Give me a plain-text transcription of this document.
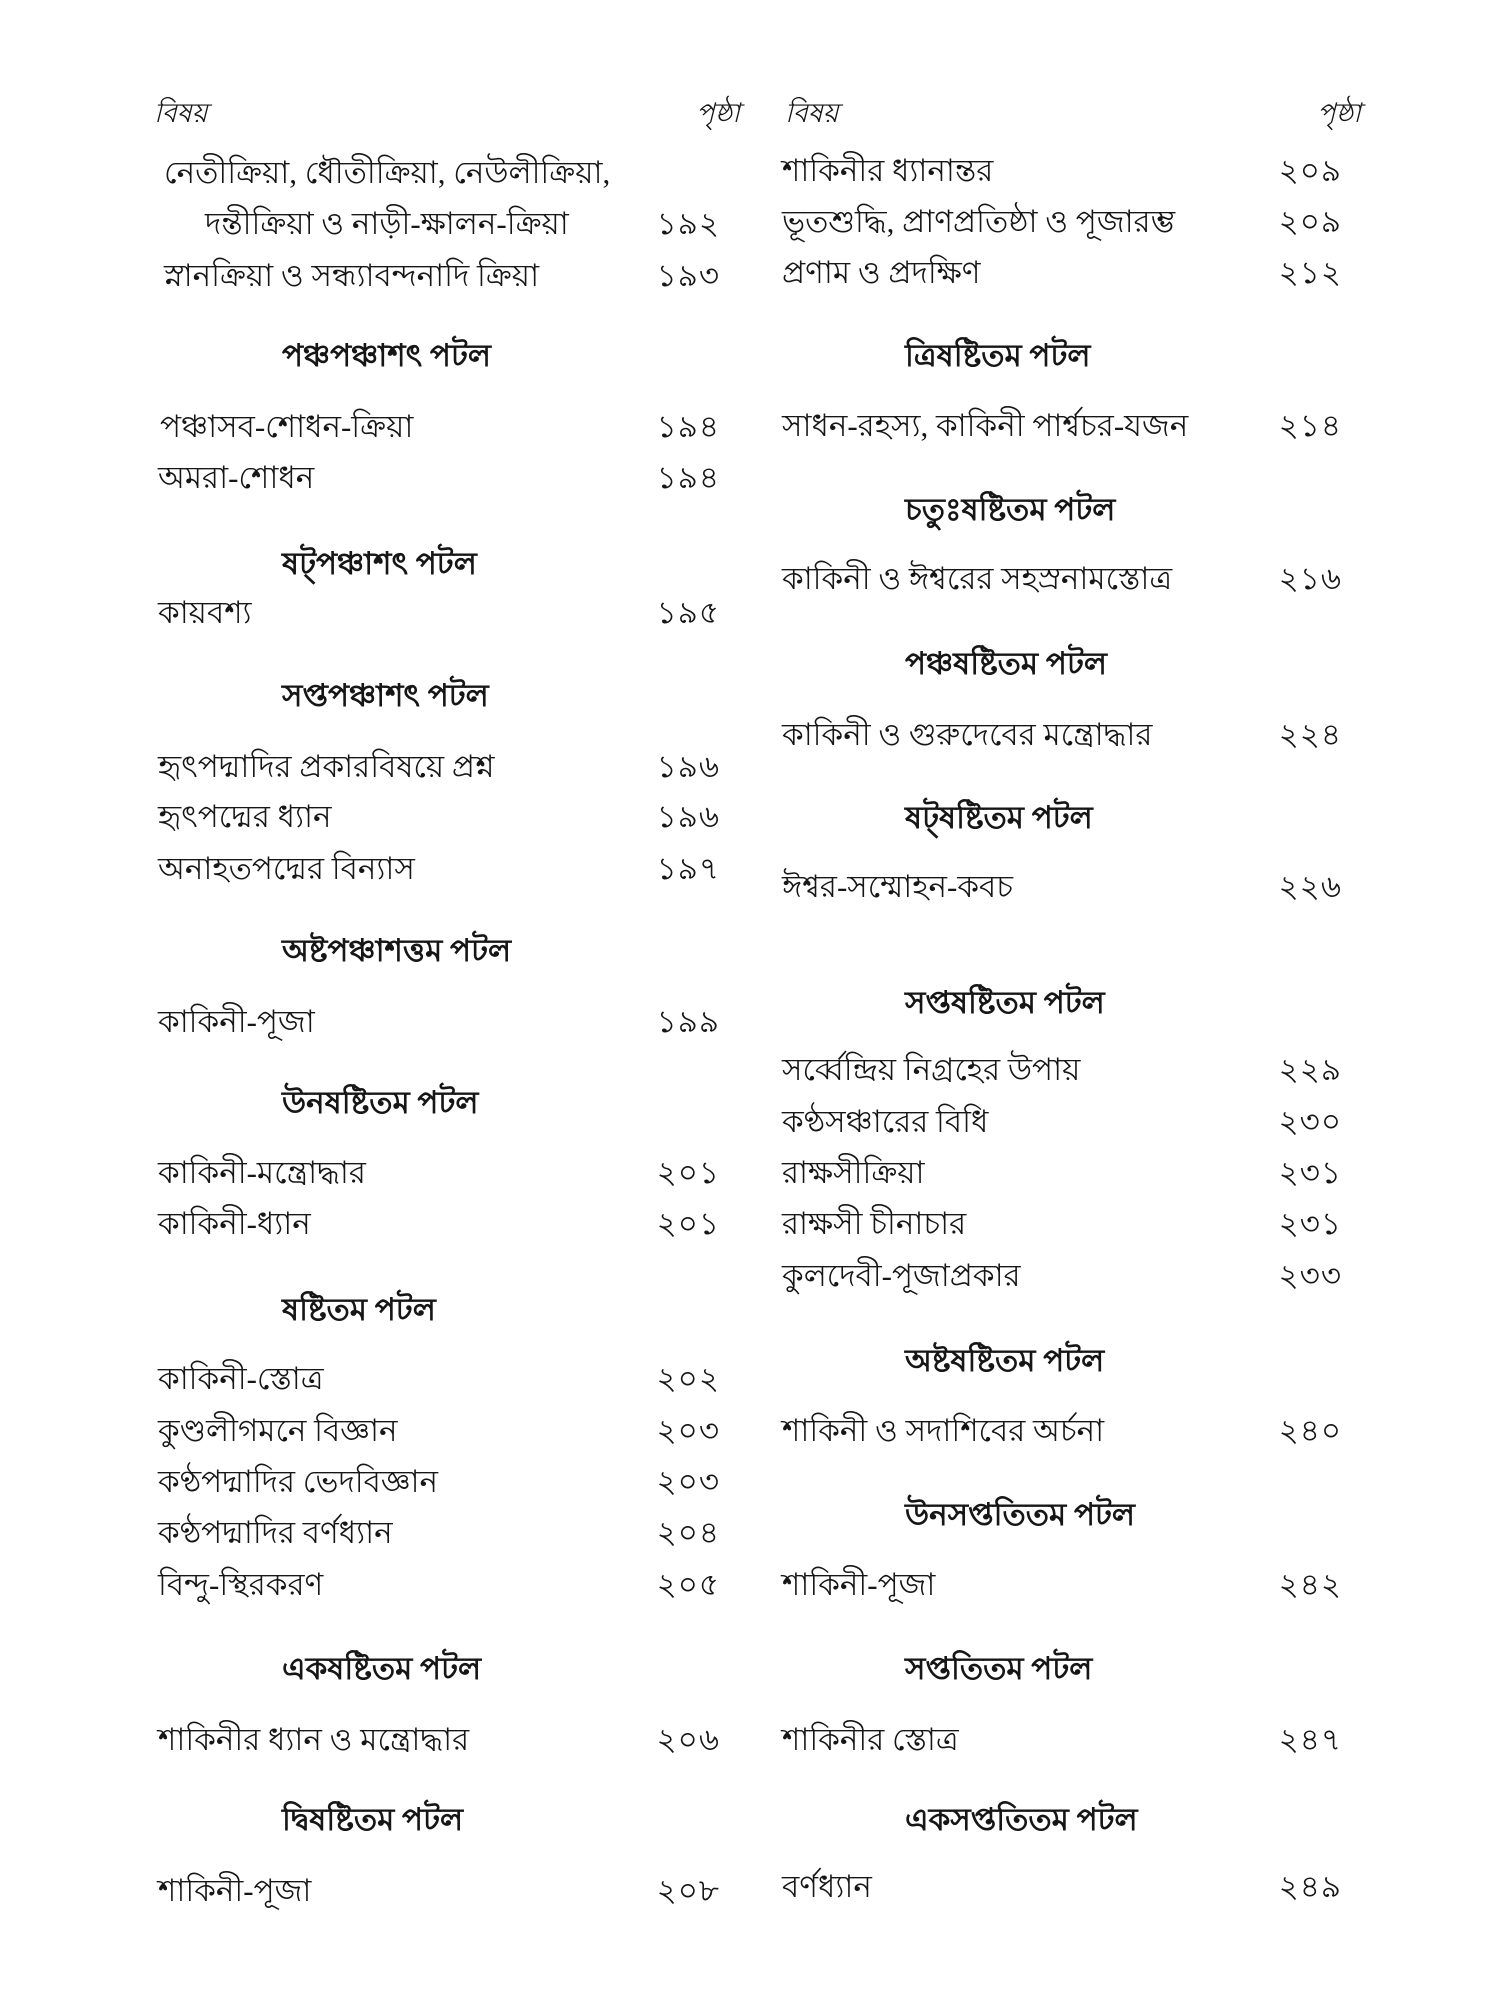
বিষয়	পৃষ্ঠা
নেতীক্রিয়া, ধৌতীক্রিয়া, নেউলীক্রিয়া,
দন্তীক্রিয়া ও নাড়ী-ক্ষালন-ক্রিয়া	১৯২
স্নানক্রিয়া ও সন্ধ্যাবন্দনাদি ক্রিয়া	১৯৩
পঞ্চপঞ্চাশৎ পটল
পঞ্চাসব-শোধন-ক্রিয়া	১৯৪
অমরা-শোধন	১৯৪
ষট্‌পঞ্চাশৎ পটল
কায়বশ্য	১৯৫
সপ্তপঞ্চাশৎ পটল
হৃৎপদ্মাদির প্রকারবিষয়ে প্রশ্ন	১৯৬
হৃৎপদ্মের ধ্যান	১৯৬
অনাহতপদ্মের বিন্যাস	১৯৭
অষ্টপঞ্চাশত্তম পটল
কাকিনী-পূজা	১৯৯
উনষষ্টিতম পটল
কাকিনী-মন্ত্রোদ্ধার	২০১
কাকিনী-ধ্যান	২০১
ষষ্টিতম পটল
কাকিনী-স্তোত্র	২০২
কুণ্ডলীগমনে বিজ্ঞান	২০৩
কণ্ঠপদ্মাদির ভেদবিজ্ঞান	২০৩
কণ্ঠপদ্মাদির বর্ণধ্যান	২০৪
বিন্দু-স্থিরকরণ	২০৫
একষষ্টিতম পটল
শাকিনীর ধ্যান ও মন্ত্রোদ্ধার	২০৬
দ্বিষষ্টিতম পটল
শাকিনী-পূজা	২০৮
বিষয়	পৃষ্ঠা
শাকিনীর ধ্যানান্তর	২০৯
ভূতশুদ্ধি, প্রাণপ্রতিষ্ঠা ও পূজারম্ভ	২০৯
প্রণাম ও প্রদক্ষিণ	২১২
ত্রিষষ্টিতম পটল
সাধন-রহস্য, কাকিনী পার্শ্বচর-যজন	২১৪
চতুঃষষ্টিতম পটল
কাকিনী ও ঈশ্বরের সহস্রনামস্তোত্র	২১৬
পঞ্চষষ্টিতম পটল
কাকিনী ও গুরুদেবের মন্ত্রোদ্ধার	২২৪
ষট্‌ষষ্টিতম পটল
ঈশ্বর-সম্মোহন-কবচ	২২৬
সপ্তষষ্টিতম পটল
সর্ব্বেন্দ্রিয় নিগ্রহের উপায়	২২৯
কণ্ঠসঞ্চারের বিধি	২৩০
রাক্ষসীক্রিয়া	২৩১
রাক্ষসী চীনাচার	২৩১
কুলদেবী-পূজাপ্রকার	২৩৩
অষ্টষষ্টিতম পটল
শাকিনী ও সদাশিবের অর্চনা	২৪০
উনসপ্ততিতম পটল
শাকিনী-পূজা	২৪২
সপ্ততিতম পটল
শাকিনীর স্তোত্র	২৪৭
একসপ্ততিতম পটল
বর্ণধ্যান	২৪৯
